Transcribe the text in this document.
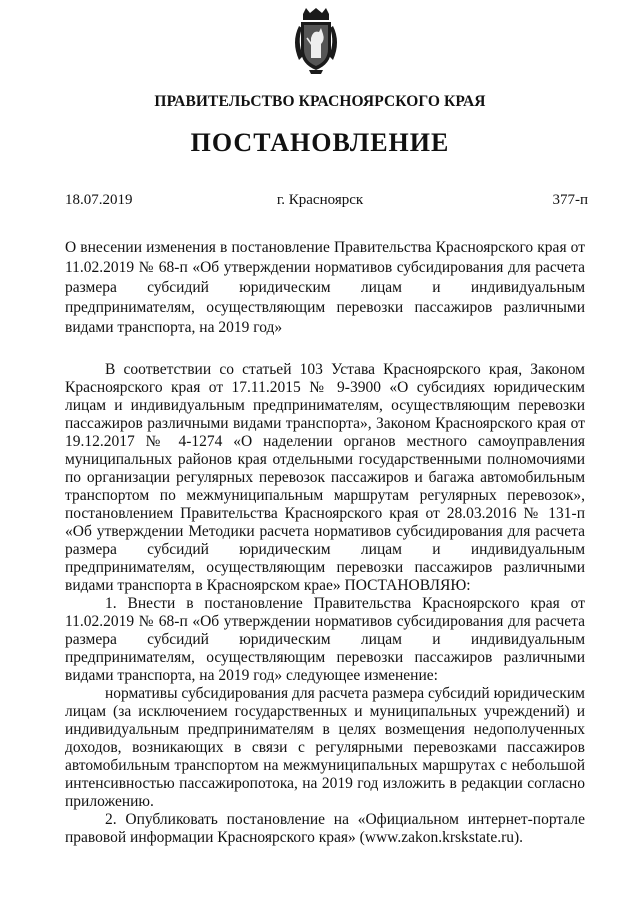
ПРАВИТЕЛЬСТВО КРАСНОЯРСКОГО КРАЯ
ПОСТАНОВЛЕНИЕ
18.07.2019	г. Красноярск	377-п
О внесении изменения в постановление Правительства Красноярского края от 11.02.2019 № 68-п «Об утверждении нормативов субсидирования для расчета размера субсидий юридическим лицам и индивидуальным предпринимателям, осуществляющим перевозки пассажиров различными видами транспорта, на 2019 год»

В соответствии со статьей 103 Устава Красноярского края, Законом Красноярского края от 17.11.2015 № 9-3900 «О субсидиях юридическим лицам и индивидуальным предпринимателям, осуществляющим перевозки пассажиров различными видами транспорта», Законом Красноярского края от 19.12.2017 № 4-1274 «О наделении органов местного самоуправления муниципальных районов края отдельными государственными полномочиями по организации регулярных перевозок пассажиров и багажа автомобильным транспортом по межмуниципальным маршрутам регулярных перевозок», постановлением Правительства Красноярского края от 28.03.2016 № 131-п «Об утверждении Методики расчета нормативов субсидирования для расчета размера субсидий юридическим лицам и индивидуальным предпринимателям, осуществляющим перевозки пассажиров различными видами транспорта в Красноярском крае» ПОСТАНОВЛЯЮ:

1. Внести в постановление Правительства Красноярского края от 11.02.2019 № 68-п «Об утверждении нормативов субсидирования для расчета размера субсидий юридическим лицам и индивидуальным предпринимателям, осуществляющим перевозки пассажиров различными видами транспорта, на 2019 год» следующее изменение:

нормативы субсидирования для расчета размера субсидий юридическим лицам (за исключением государственных и муниципальных учреждений) и индивидуальным предпринимателям в целях возмещения недополученных доходов, возникающих в связи с регулярными перевозками пассажиров автомобильным транспортом на межмуниципальных маршрутах с небольшой интенсивностью пассажиропотока, на 2019 год изложить в редакции согласно приложению.

2. Опубликовать постановление на «Официальном интернет-портале правовой информации Красноярского края» (www.zakon.krskstate.ru).
